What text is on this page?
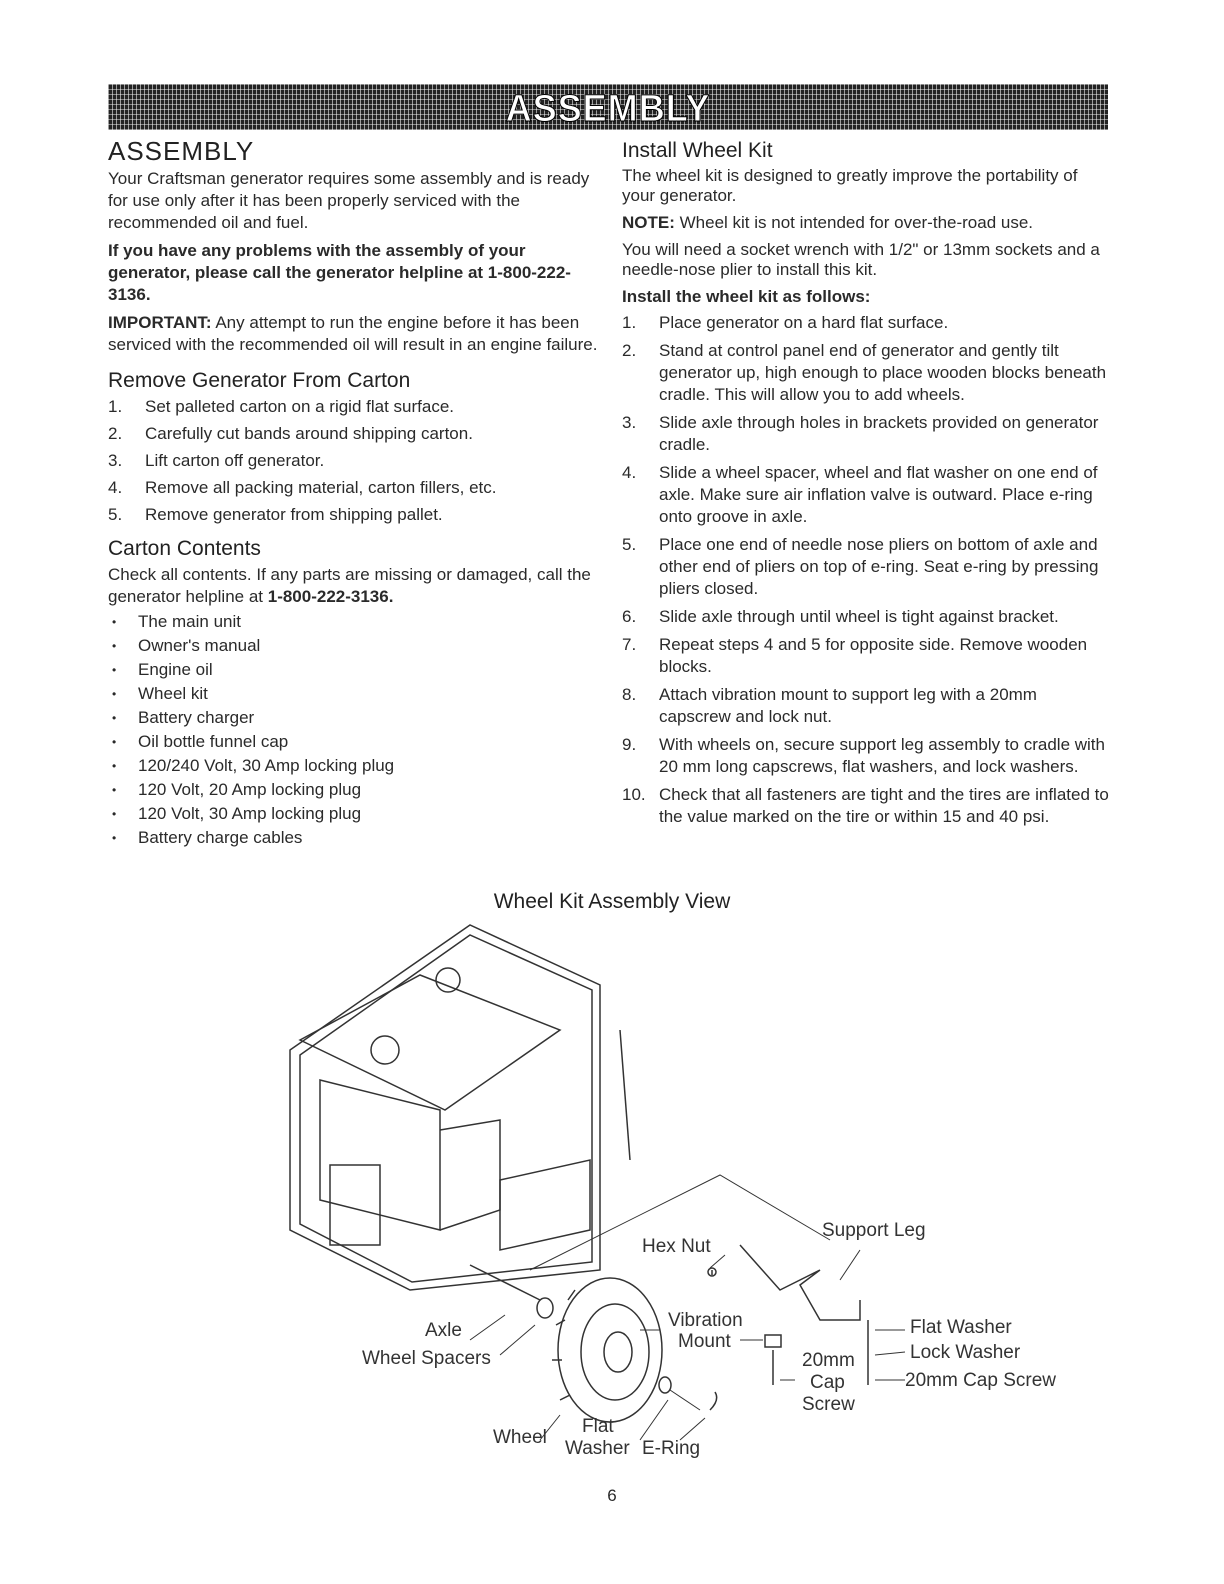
ASSEMBLY
ASSEMBLY

Your Craftsman generator requires some assembly and is ready for use only after it has been properly serviced with the recommended oil and fuel.

If you have any problems with the assembly of your generator, please call the generator helpline at 1-800-222-3136.

IMPORTANT: Any attempt to run the engine before it has been serviced with the recommended oil will result in an engine failure.

Remove Generator From Carton
1. Set palleted carton on a rigid flat surface.
2. Carefully cut bands around shipping carton.
3. Lift carton off generator.
4. Remove all packing material, carton fillers, etc.
5. Remove generator from shipping pallet.
Carton Contents

Check all contents. If any parts are missing or damaged, call the generator helpline at 1-800-222-3136.

• The main unit
• Owner's manual
• Engine oil
• Wheel kit
• Battery charger
• Oil bottle funnel cap
• 120/240 Volt, 30 Amp locking plug
• 120 Volt, 20 Amp locking plug
• 120 Volt, 30 Amp locking plug
• Battery charge cables
Install Wheel Kit

The wheel kit is designed to greatly improve the portability of your generator.

NOTE: Wheel kit is not intended for over-the-road use.

You will need a socket wrench with 1/2" or 13mm sockets and a needle-nose plier to install this kit.

Install the wheel kit as follows:

1. Place generator on a hard flat surface.
2. Stand at control panel end of generator and gently tilt generator up, high enough to place wooden blocks beneath cradle. This will allow you to add wheels.
3. Slide axle through holes in brackets provided on generator cradle.
4. Slide a wheel spacer, wheel and flat washer on one end of axle. Make sure air inflation valve is outward. Place e-ring onto groove in axle.
5. Place one end of needle nose pliers on bottom of axle and other end of pliers on top of e-ring. Seat e-ring by pressing pliers closed.
6. Slide axle through until wheel is tight against bracket.
7. Repeat steps 4 and 5 for opposite side. Remove wooden blocks.
8. Attach vibration mount to support leg with a 20mm capscrew and lock nut.
9. With wheels on, secure support leg assembly to cradle with 20 mm long capscrews, flat washers, and lock washers.
10. Check that all fasteners are tight and the tires are inflated to the value marked on the tire or within 15 and 40 psi.
Wheel Kit Assembly View
Hex Nut
Support Leg
Axle
Wheel Spacers
Vibration
Mount
Flat Washer
Lock Washer
20mm
Cap
Screw
20mm Cap Screw
Wheel
Flat
Washer E-Ring
6
